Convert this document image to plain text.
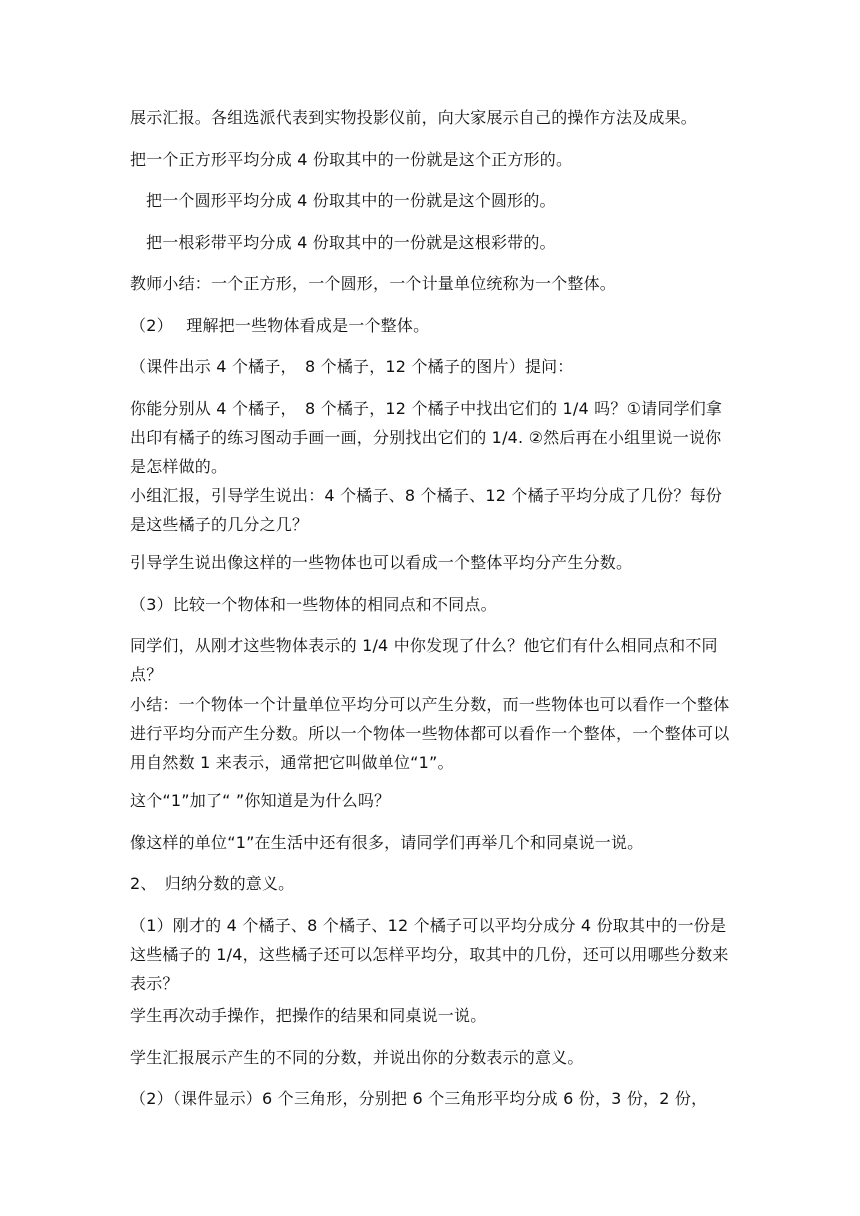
展示汇报。各组选派代表到实物投影仪前，向大家展示自己的操作方法及成果。

把一个正方形平均分成 4 份取其中的一份就是这个正方形的。

把一个圆形平均分成 4 份取其中的一份就是这个圆形的。

把一根彩带平均分成 4 份取其中的一份就是这根彩带的。

教师小结：一个正方形，一个圆形，一个计量单位统称为一个整体。

（2）　 理解把一些物体看成是一个整体。

（课件出示 4 个橘子，　8 个橘子，12 个橘子的图片）提问：

你能分别从 4 个橘子，　8 个橘子，12 个橘子中找出它们的 1/4 吗？①请同学们拿出印有橘子的练习图动手画一画，分别找出它们的 1/4. ②然后再在小组里说一说你是怎样做的。

小组汇报，引导学生说出：4 个橘子、8 个橘子、12 个橘子平均分成了几份？每份是这些橘子的几分之几？

引导学生说出像这样的一些物体也可以看成一个整体平均分产生分数。

（3）比较一个物体和一些物体的相同点和不同点。

同学们，从刚才这些物体表示的 1/4 中你发现了什么？他它们有什么相同点和不同点？

小结：一个物体一个计量单位平均分可以产生分数，而一些物体也可以看作一个整体进行平均分而产生分数。所以一个物体一些物体都可以看作一个整体，一个整体可以用自然数 1 来表示，通常把它叫做单位“1”。

这个“1”加了“ ”你知道是为什么吗？

像这样的单位“1”在生活中还有很多，请同学们再举几个和同桌说一说。

2、　归纳分数的意义。

（1）刚才的 4 个橘子、8 个橘子、12 个橘子可以平均分成分 4 份取其中的一份是这些橘子的 1/4，这些橘子还可以怎样平均分，取其中的几份，还可以用哪些分数来表示？

学生再次动手操作，把操作的结果和同桌说一说。

学生汇报展示产生的不同的分数，并说出你的分数表示的意义。

（2）（课件显示）6 个三角形，分别把 6 个三角形平均分成 6 份，3 份，2 份，
